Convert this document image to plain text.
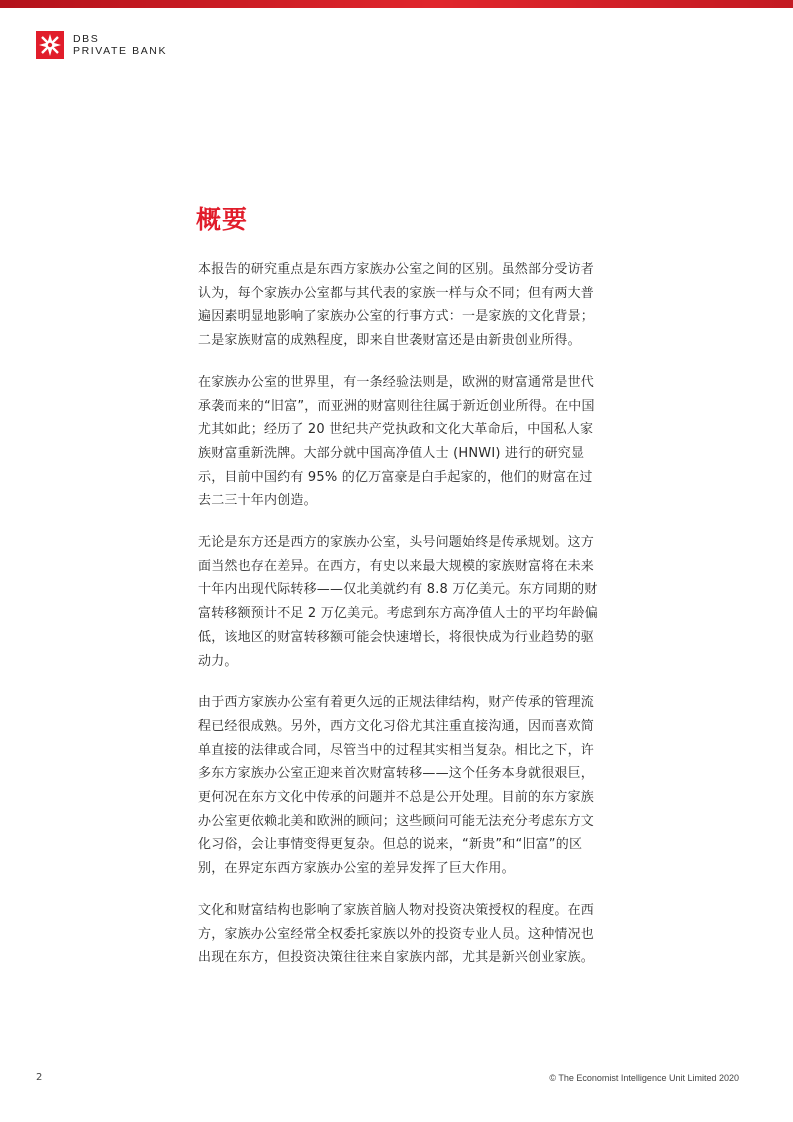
DBS
PRIVATE BANK
概要

本报告的研究重点是东西方家族办公室之间的区别。虽然部分受访者认为，每个家族办公室都与其代表的家族一样与众不同；但有两大普遍因素明显地影响了家族办公室的行事方式：一是家族的文化背景；二是家族财富的成熟程度，即来自世袭财富还是由新贵创业所得。

在家族办公室的世界里，有一条经验法则是，欧洲的财富通常是世代承袭而来的“旧富”，而亚洲的财富则往往属于新近创业所得。在中国尤其如此；经历了 20 世纪共产党执政和文化大革命后，中国私人家族财富重新洗牌。大部分就中国高净值人士 (HNWI) 进行的研究显示，目前中国约有 95% 的亿万富豪是白手起家的，他们的财富在过去二三十年内创造。

无论是东方还是西方的家族办公室，头号问题始终是传承规划。这方面当然也存在差异。在西方，有史以来最大规模的家族财富将在未来十年内出现代际转移——仅北美就约有 8.8 万亿美元。东方同期的财富转移额预计不足 2 万亿美元。考虑到东方高净值人士的平均年龄偏低，该地区的财富转移额可能会快速增长，将很快成为行业趋势的驱动力。

由于西方家族办公室有着更久远的正规法律结构，财产传承的管理流程已经很成熟。另外，西方文化习俗尤其注重直接沟通，因而喜欢简单直接的法律或合同，尽管当中的过程其实相当复杂。相比之下，许多东方家族办公室正迎来首次财富转移——这个任务本身就很艰巨，更何况在东方文化中传承的问题并不总是公开处理。目前的东方家族办公室更依赖北美和欧洲的顾问；这些顾问可能无法充分考虑东方文化习俗，会让事情变得更复杂。但总的说来，“新贵”和“旧富”的区别，在界定东西方家族办公室的差异发挥了巨大作用。

文化和财富结构也影响了家族首脑人物对投资决策授权的程度。在西方，家族办公室经常全权委托家族以外的投资专业人员。这种情况也出现在东方，但投资决策往往来自家族内部，尤其是新兴创业家族。

2	© The Economist Intelligence Unit Limited 2020
